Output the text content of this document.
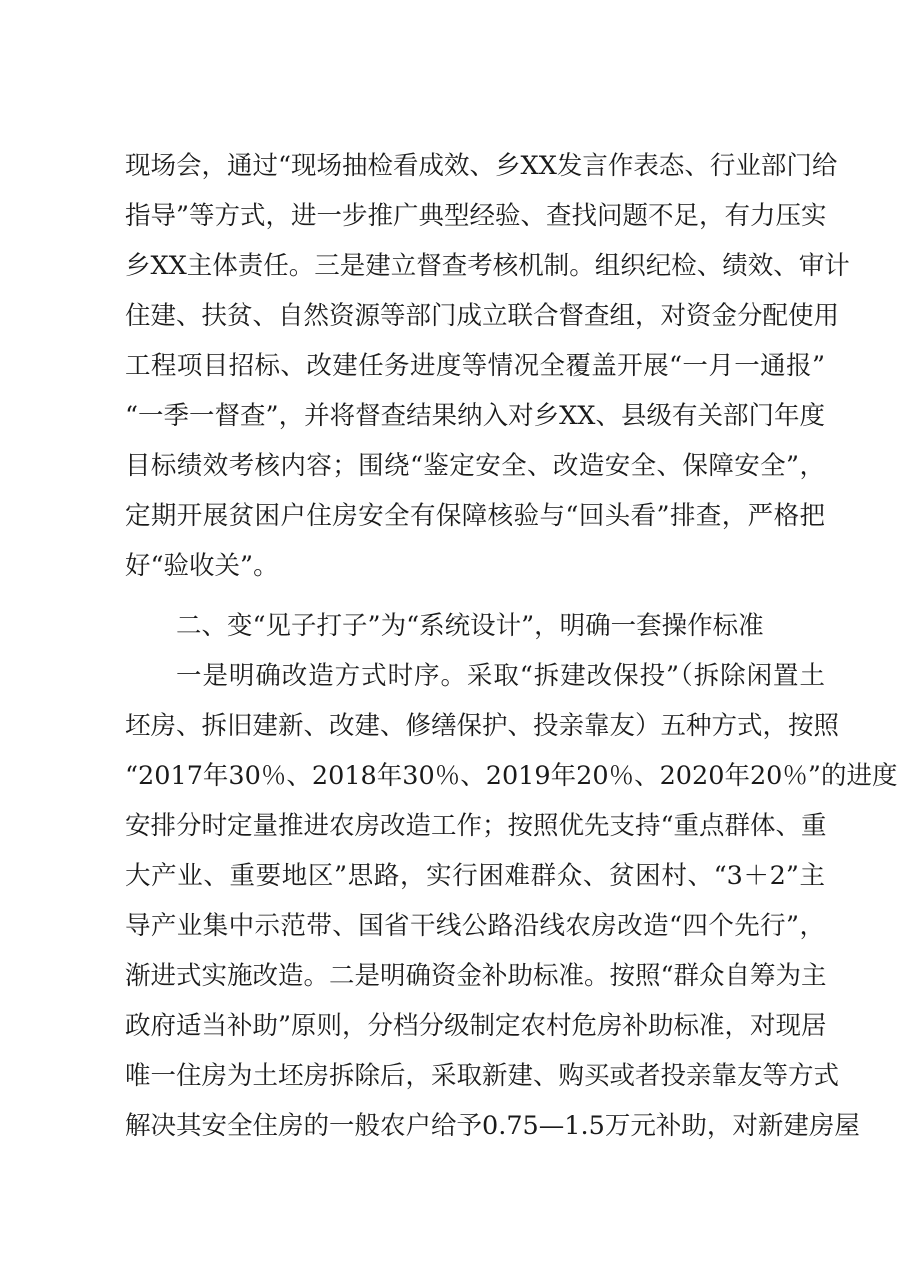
现场会，通过“现场抽检看成效、乡XX发言作表态、行业部门给
指导”等方式，进一步推广典型经验、查找问题不足，有力压实
乡XX主体责任。三是建立督查考核机制。组织纪检、绩效、审计
住建、扶贫、自然资源等部门成立联合督查组，对资金分配使用
工程项目招标、改建任务进度等情况全覆盖开展“一月一通报”
“一季一督查”，并将督查结果纳入对乡XX、县级有关部门年度
目标绩效考核内容；围绕“鉴定安全、改造安全、保障安全”，
定期开展贫困户住房安全有保障核验与“回头看”排查，严格把
好“验收关”。
二、变“见子打子”为“系统设计”，明确一套操作标准
一是明确改造方式时序。采取“拆建改保投”（拆除闲置土
坯房、拆旧建新、改建、修缮保护、投亲靠友）五种方式，按照
“2017年30％、2018年30％、2019年20％、2020年20％”的进度
安排分时定量推进农房改造工作；按照优先支持“重点群体、重
大产业、重要地区”思路，实行困难群众、贫困村、“3＋2”主
导产业集中示范带、国省干线公路沿线农房改造“四个先行”，
渐进式实施改造。二是明确资金补助标准。按照“群众自筹为主
政府适当补助”原则，分档分级制定农村危房补助标准，对现居
唯一住房为土坯房拆除后，采取新建、购买或者投亲靠友等方式
解决其安全住房的一般农户给予0.75—1.5万元补助，对新建房屋
